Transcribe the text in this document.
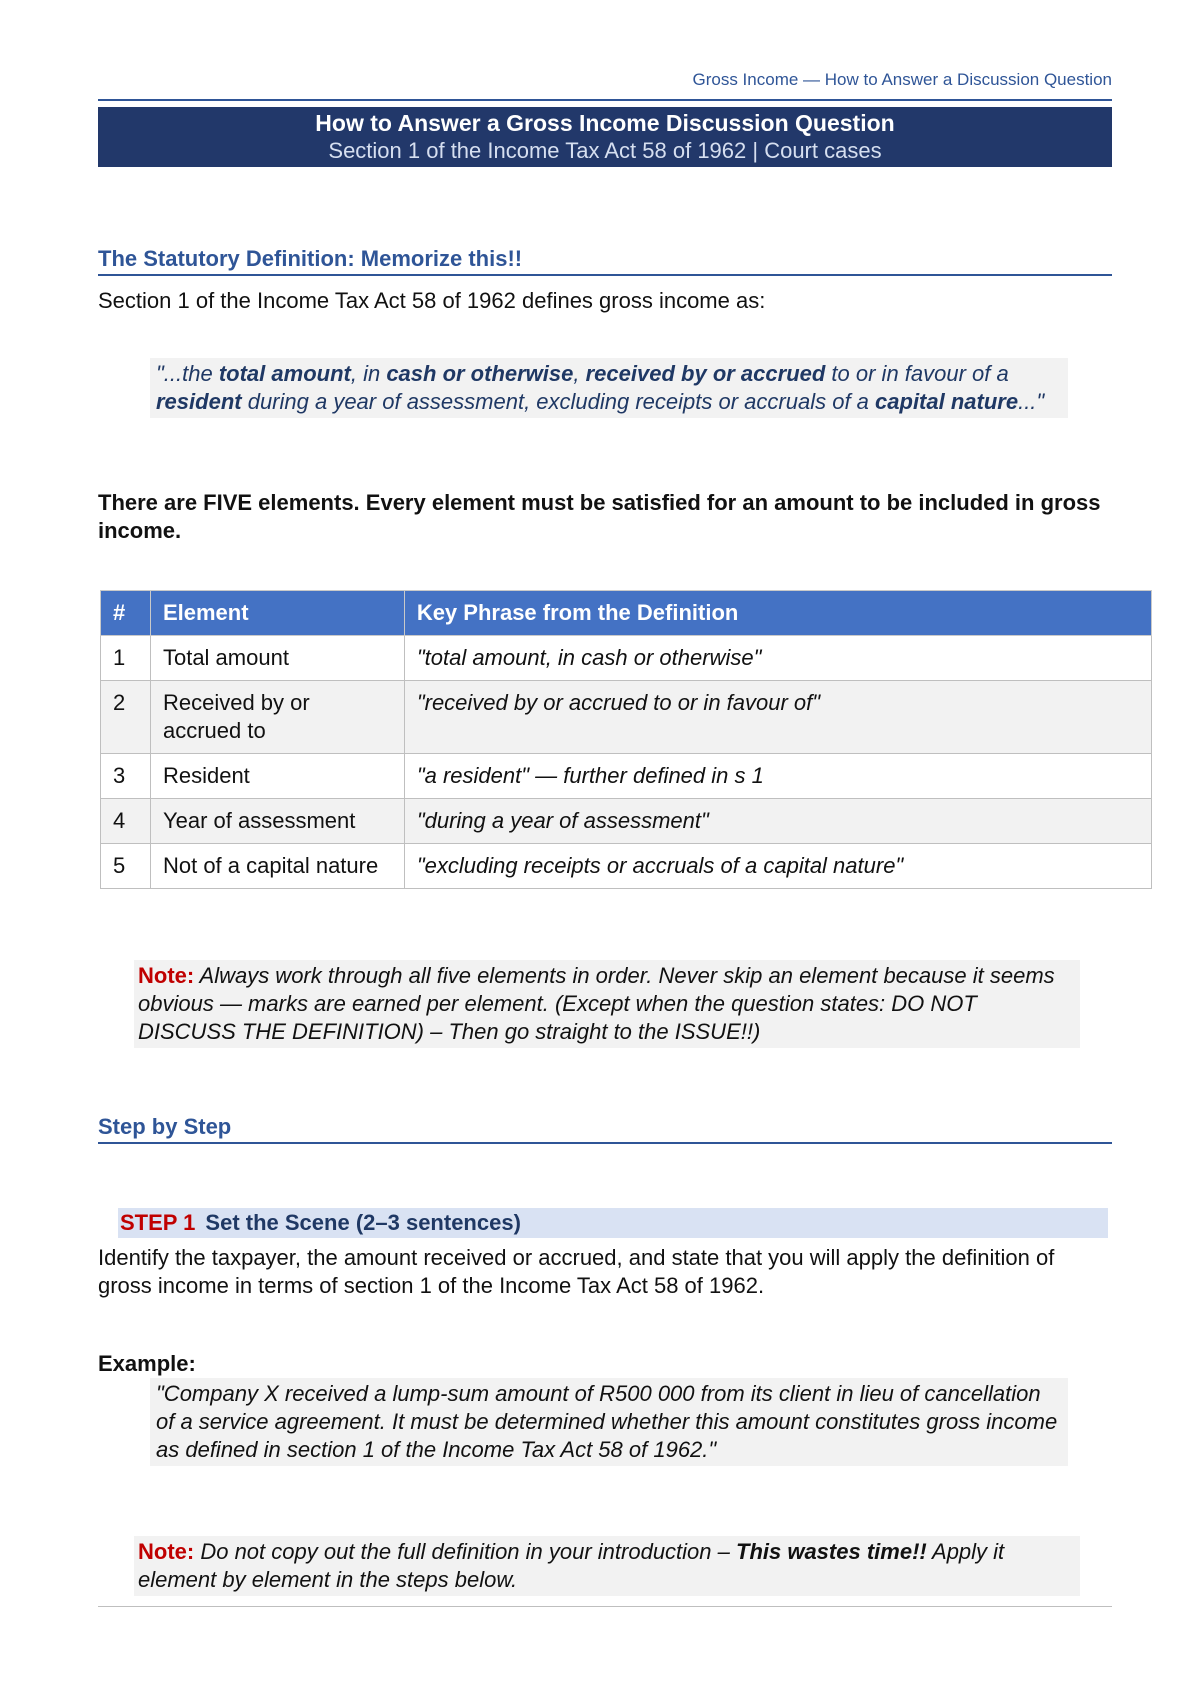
Gross Income — How to Answer a Discussion Question
How to Answer a Gross Income Discussion Question
Section 1 of the Income Tax Act 58 of 1962 | Court cases
The Statutory Definition: Memorize this!!
Section 1 of the Income Tax Act 58 of 1962 defines gross income as:
"...the total amount, in cash or otherwise, received by or accrued to or in favour of a resident during a year of assessment, excluding receipts or accruals of a capital nature..."
There are FIVE elements. Every element must be satisfied for an amount to be included in gross income.
#	Element	Key Phrase from the Definition
1	Total amount	"total amount, in cash or otherwise"
2	Received by or accrued to	"received by or accrued to or in favour of"
3	Resident	"a resident" — further defined in s 1
4	Year of assessment	"during a year of assessment"
5	Not of a capital nature	"excluding receipts or accruals of a capital nature"
Note: Always work through all five elements in order. Never skip an element because it seems obvious — marks are earned per element. (Except when the question states: DO NOT DISCUSS THE DEFINITION) – Then go straight to the ISSUE!!)
Step by Step
STEP 1 Set the Scene (2–3 sentences)
Identify the taxpayer, the amount received or accrued, and state that you will apply the definition of gross income in terms of section 1 of the Income Tax Act 58 of 1962.
Example:
"Company X received a lump-sum amount of R500 000 from its client in lieu of cancellation of a service agreement. It must be determined whether this amount constitutes gross income as defined in section 1 of the Income Tax Act 58 of 1962."
Note: Do not copy out the full definition in your introduction – This wastes time!! Apply it element by element in the steps below.
